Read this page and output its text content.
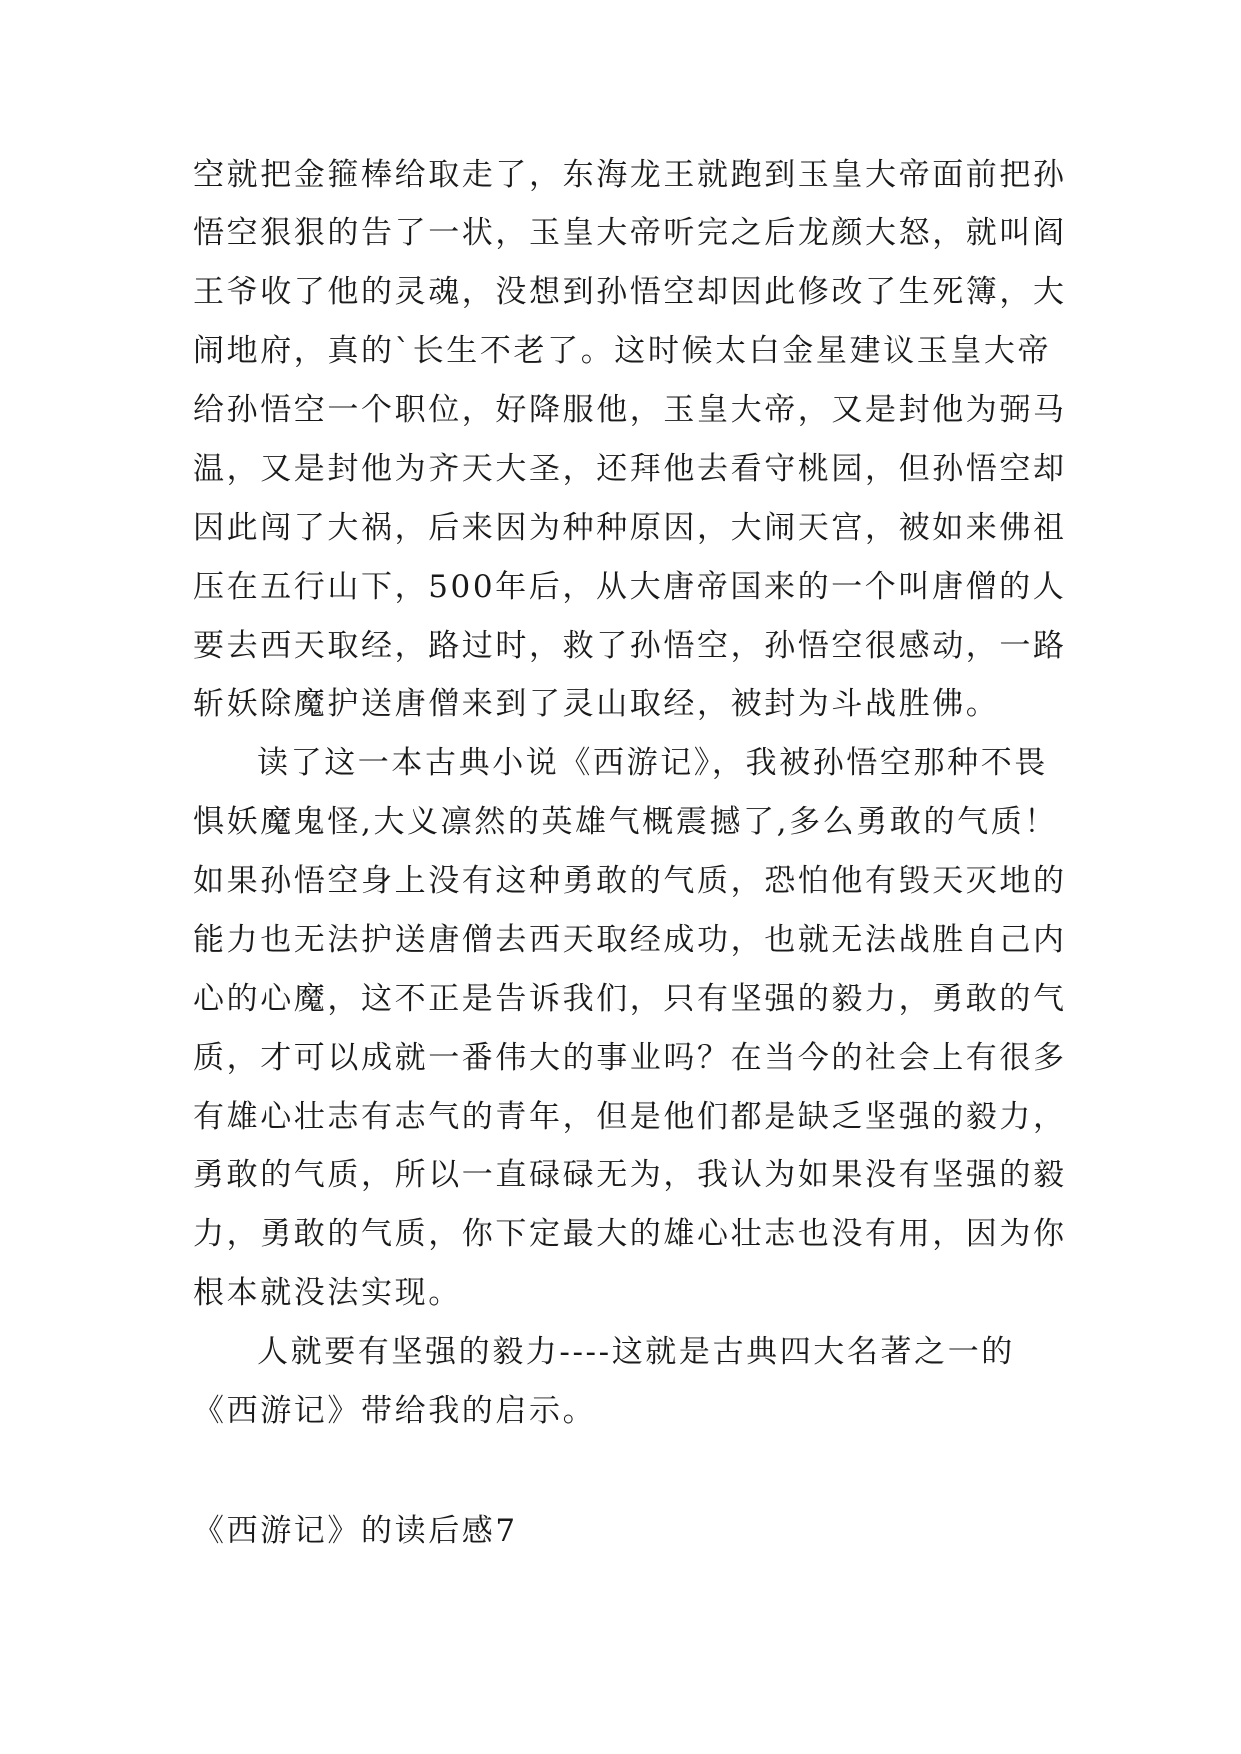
空就把金箍棒给取走了，东海龙王就跑到玉皇大帝面前把孙
悟空狠狠的告了一状，玉皇大帝听完之后龙颜大怒，就叫阎
王爷收了他的灵魂，没想到孙悟空却因此修改了生死簿，大
闹地府，真的`长生不老了。这时候太白金星建议玉皇大帝
给孙悟空一个职位，好降服他，玉皇大帝，又是封他为弼马
温，又是封他为齐天大圣，还拜他去看守桃园，但孙悟空却
因此闯了大祸，后来因为种种原因，大闹天宫，被如来佛祖
压在五行山下，500年后，从大唐帝国来的一个叫唐僧的人
要去西天取经，路过时，救了孙悟空，孙悟空很感动，一路
斩妖除魔护送唐僧来到了灵山取经，被封为斗战胜佛。
读了这一本古典小说《西游记》，我被孙悟空那种不畏
惧妖魔鬼怪,大义凛然的英雄气概震撼了,多么勇敢的气质！
如果孙悟空身上没有这种勇敢的气质，恐怕他有毁天灭地的
能力也无法护送唐僧去西天取经成功，也就无法战胜自己内
心的心魔，这不正是告诉我们，只有坚强的毅力，勇敢的气
质，才可以成就一番伟大的事业吗？在当今的社会上有很多
有雄心壮志有志气的青年，但是他们都是缺乏坚强的毅力，
勇敢的气质，所以一直碌碌无为，我认为如果没有坚强的毅
力，勇敢的气质，你下定最大的雄心壮志也没有用，因为你
根本就没法实现。
人就要有坚强的毅力----这就是古典四大名著之一的
《西游记》带给我的启示。
《西游记》的读后感7
